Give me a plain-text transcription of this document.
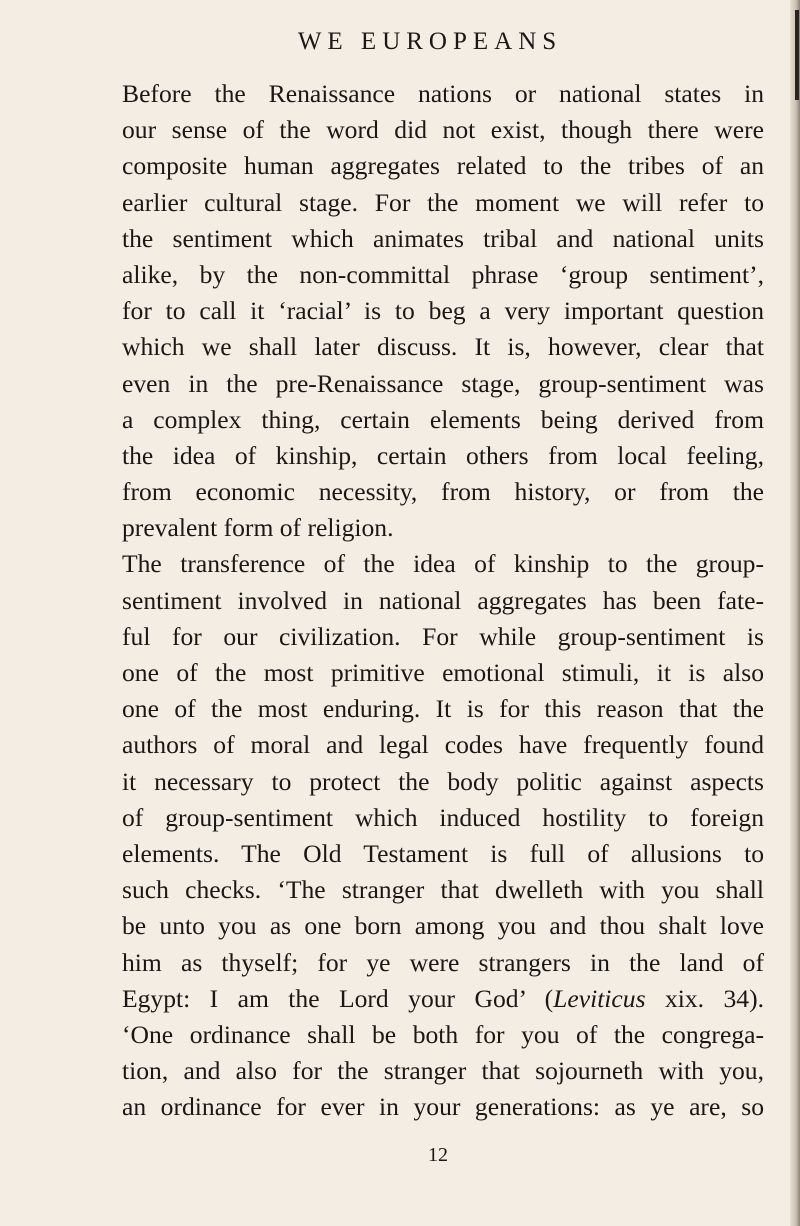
WE EUROPEANS
Before the Renaissance nations or national states in
our sense of the word did not exist, though there were
composite human aggregates related to the tribes of an
earlier cultural stage. For the moment we will refer to
the sentiment which animates tribal and national units
alike, by the non-committal phrase ‘group sentiment’,
for to call it ‘racial’ is to beg a very important question
which we shall later discuss. It is, however, clear that
even in the pre-Renaissance stage, group-sentiment was
a complex thing, certain elements being derived from
the idea of kinship, certain others from local feeling,
from economic necessity, from history, or from the
prevalent form of religion.
The transference of the idea of kinship to the group-
sentiment involved in national aggregates has been fate-
ful for our civilization. For while group-sentiment is
one of the most primitive emotional stimuli, it is also
one of the most enduring. It is for this reason that the
authors of moral and legal codes have frequently found
it necessary to protect the body politic against aspects
of group-sentiment which induced hostility to foreign
elements. The Old Testament is full of allusions to
such checks. ‘The stranger that dwelleth with you shall
be unto you as one born among you and thou shalt love
him as thyself; for ye were strangers in the land of
Egypt: I am the Lord your God’ (Leviticus xix. 34).
‘One ordinance shall be both for you of the congrega-
tion, and also for the stranger that sojourneth with you,
an ordinance for ever in your generations: as ye are, so
12
